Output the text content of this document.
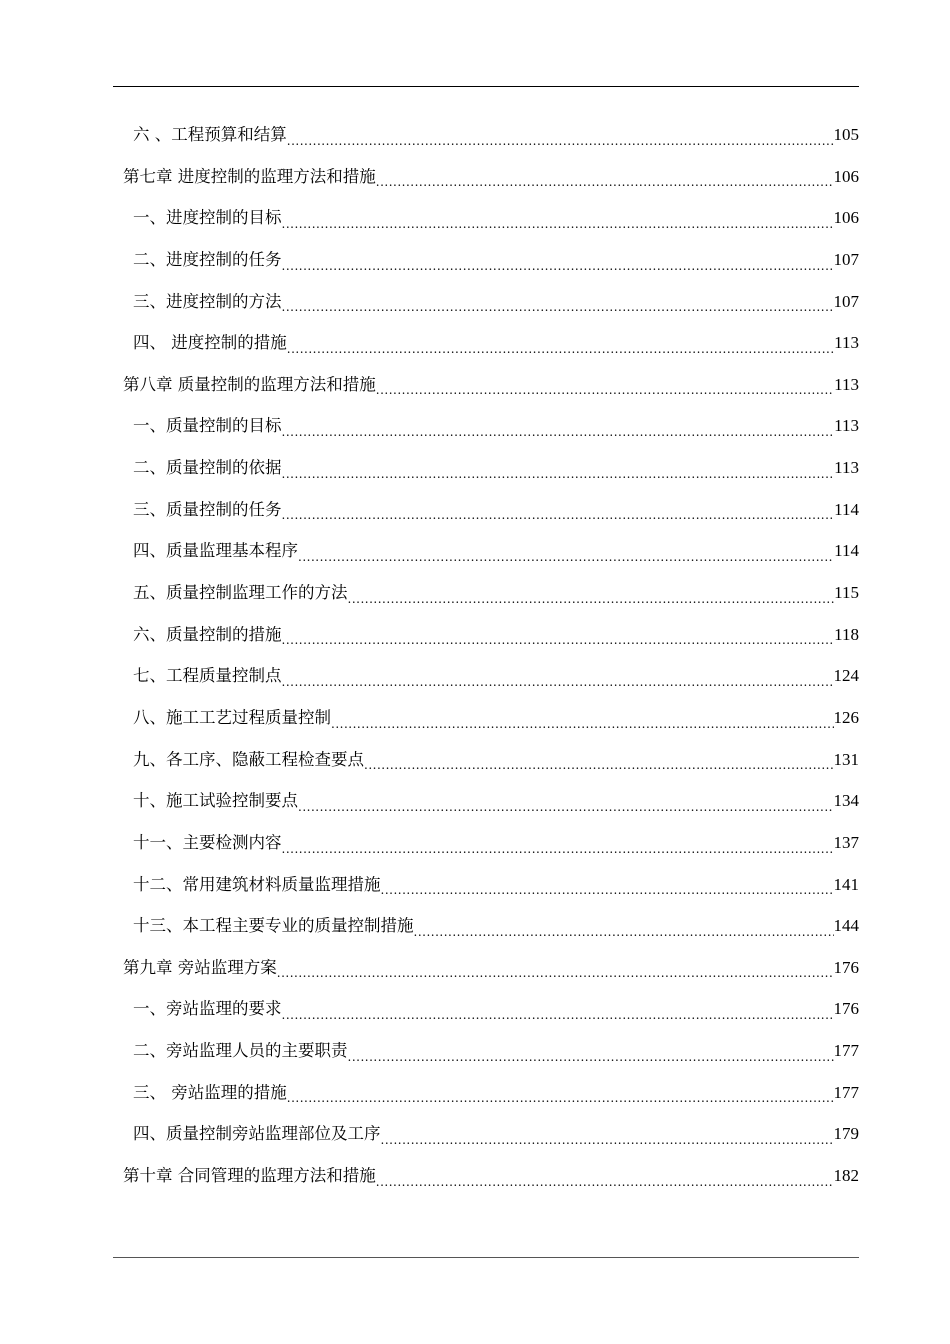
六 、工程预算和结算 .....	105
第七章 进度控制的监理方法和措施 .....	106
一、进度控制的目标 .....	106
二、进度控制的任务 .....	107
三、进度控制的方法 .....	107
四、 进度控制的措施 .....	113
第八章 质量控制的监理方法和措施 .....	113
一、质量控制的目标 .....	113
二、质量控制的依据 .....	113
三、质量控制的任务 .....	114
四、质量监理基本程序 .....	114
五、质量控制监理工作的方法 .....	115
六、质量控制的措施 .....	118
七、工程质量控制点 .....	124
八、施工工艺过程质量控制 .....	126
九、各工序、隐蔽工程检查要点 .....	131
十、施工试验控制要点 .....	134
十一、主要检测内容 .....	137
十二、常用建筑材料质量监理措施 .....	141
十三、本工程主要专业的质量控制措施 .....	144
第九章 旁站监理方案 .....	176
一、旁站监理的要求 .....	176
二、旁站监理人员的主要职责 .....	177
三、 旁站监理的措施 .....	177
四、质量控制旁站监理部位及工序 .....	179
第十章 合同管理的监理方法和措施 .....	182
